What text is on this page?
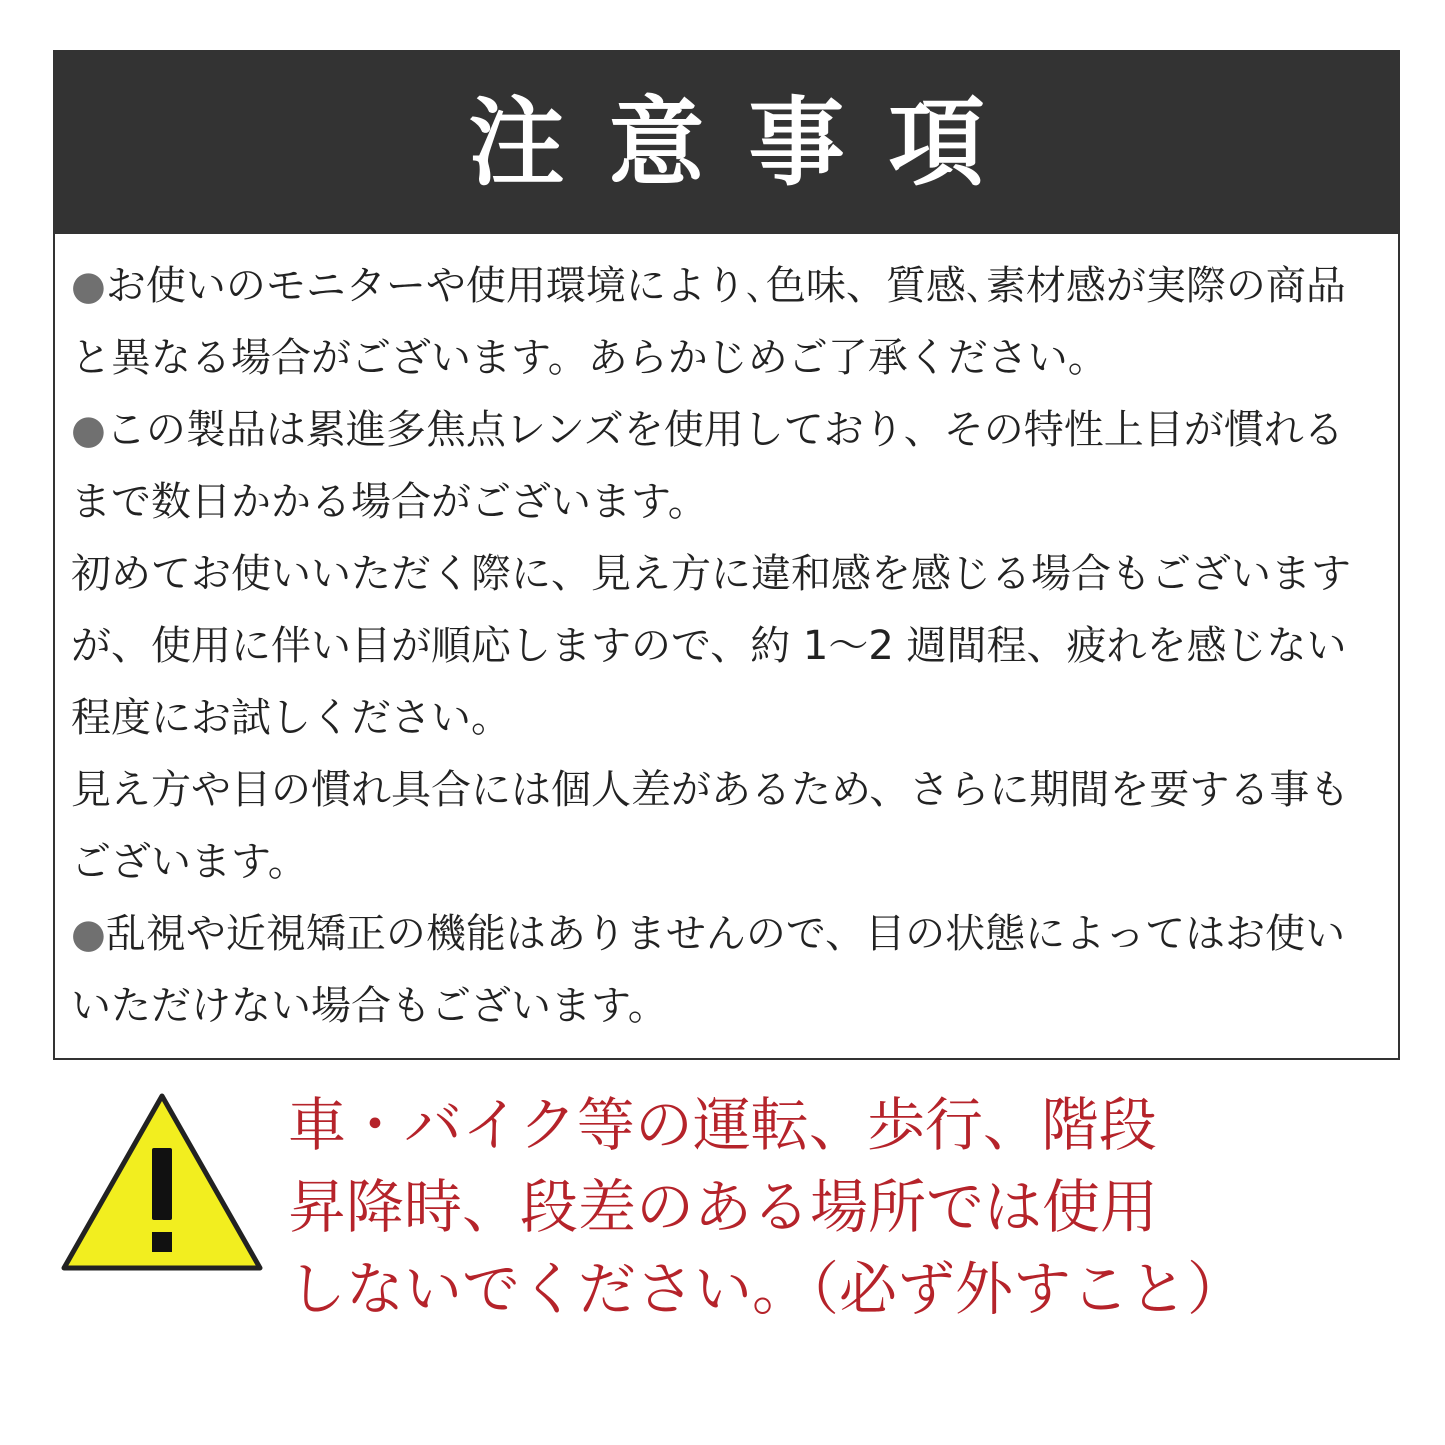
注意事項

●お使いのモニターや使用環境により､色味、質感､素材感が実際の商品と異なる場合がございます。あらかじめご了承ください。

●この製品は累進多焦点レンズを使用しており、その特性上目が慣れるまで数日かかる場合がございます。

初めてお使いいただく際に、見え方に違和感を感じる場合もございますが、使用に伴い目が順応しますので、約 1〜2 週間程、疲れを感じない程度にお試しください。

見え方や目の慣れ具合には個人差があるため、さらに期間を要する事もございます。

●乱視や近視矯正の機能はありませんので、目の状態によってはお使いいただけない場合もございます。

車・バイク等の運転、歩行、階段
昇降時、段差のある場所では使用
しないでください。（必ず外すこと）
